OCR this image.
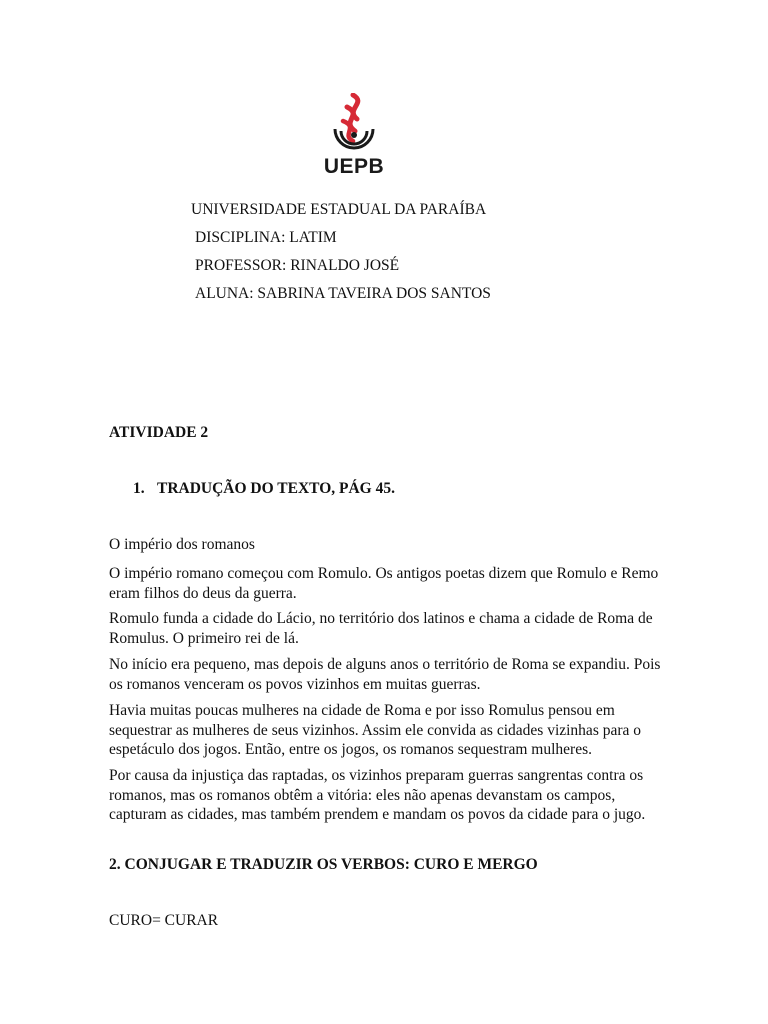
UEPB
UNIVERSIDADE ESTADUAL DA PARAÍBA
DISCIPLINA: LATIM
PROFESSOR: RINALDO JOSÉ
ALUNA: SABRINA TAVEIRA DOS SANTOS
ATIVIDADE 2
1. TRADUÇÃO DO TEXTO, PÁG 45.

O império dos romanos

O império romano começou com Romulo. Os antigos poetas dizem que Romulo e Remo eram filhos do deus da guerra.

Romulo funda a cidade do Lácio, no território dos latinos e chama a cidade de Roma de Romulus. O primeiro rei de lá.

No início era pequeno, mas depois de alguns anos o território de Roma se expandiu. Pois os romanos venceram os povos vizinhos em muitas guerras.

Havia muitas poucas mulheres na cidade de Roma e por isso Romulus pensou em sequestrar as mulheres de seus vizinhos. Assim ele convida as cidades vizinhas para o espetáculo dos jogos. Então, entre os jogos, os romanos sequestram mulheres.

Por causa da injustiça das raptadas, os vizinhos preparam guerras sangrentas contra os romanos, mas os romanos obtêm a vitória: eles não apenas devanstam os campos, capturam as cidades, mas também prendem e mandam os povos da cidade para o jugo.

2. CONJUGAR E TRADUZIR OS VERBOS: CURO E MERGO
CURO= CURAR
